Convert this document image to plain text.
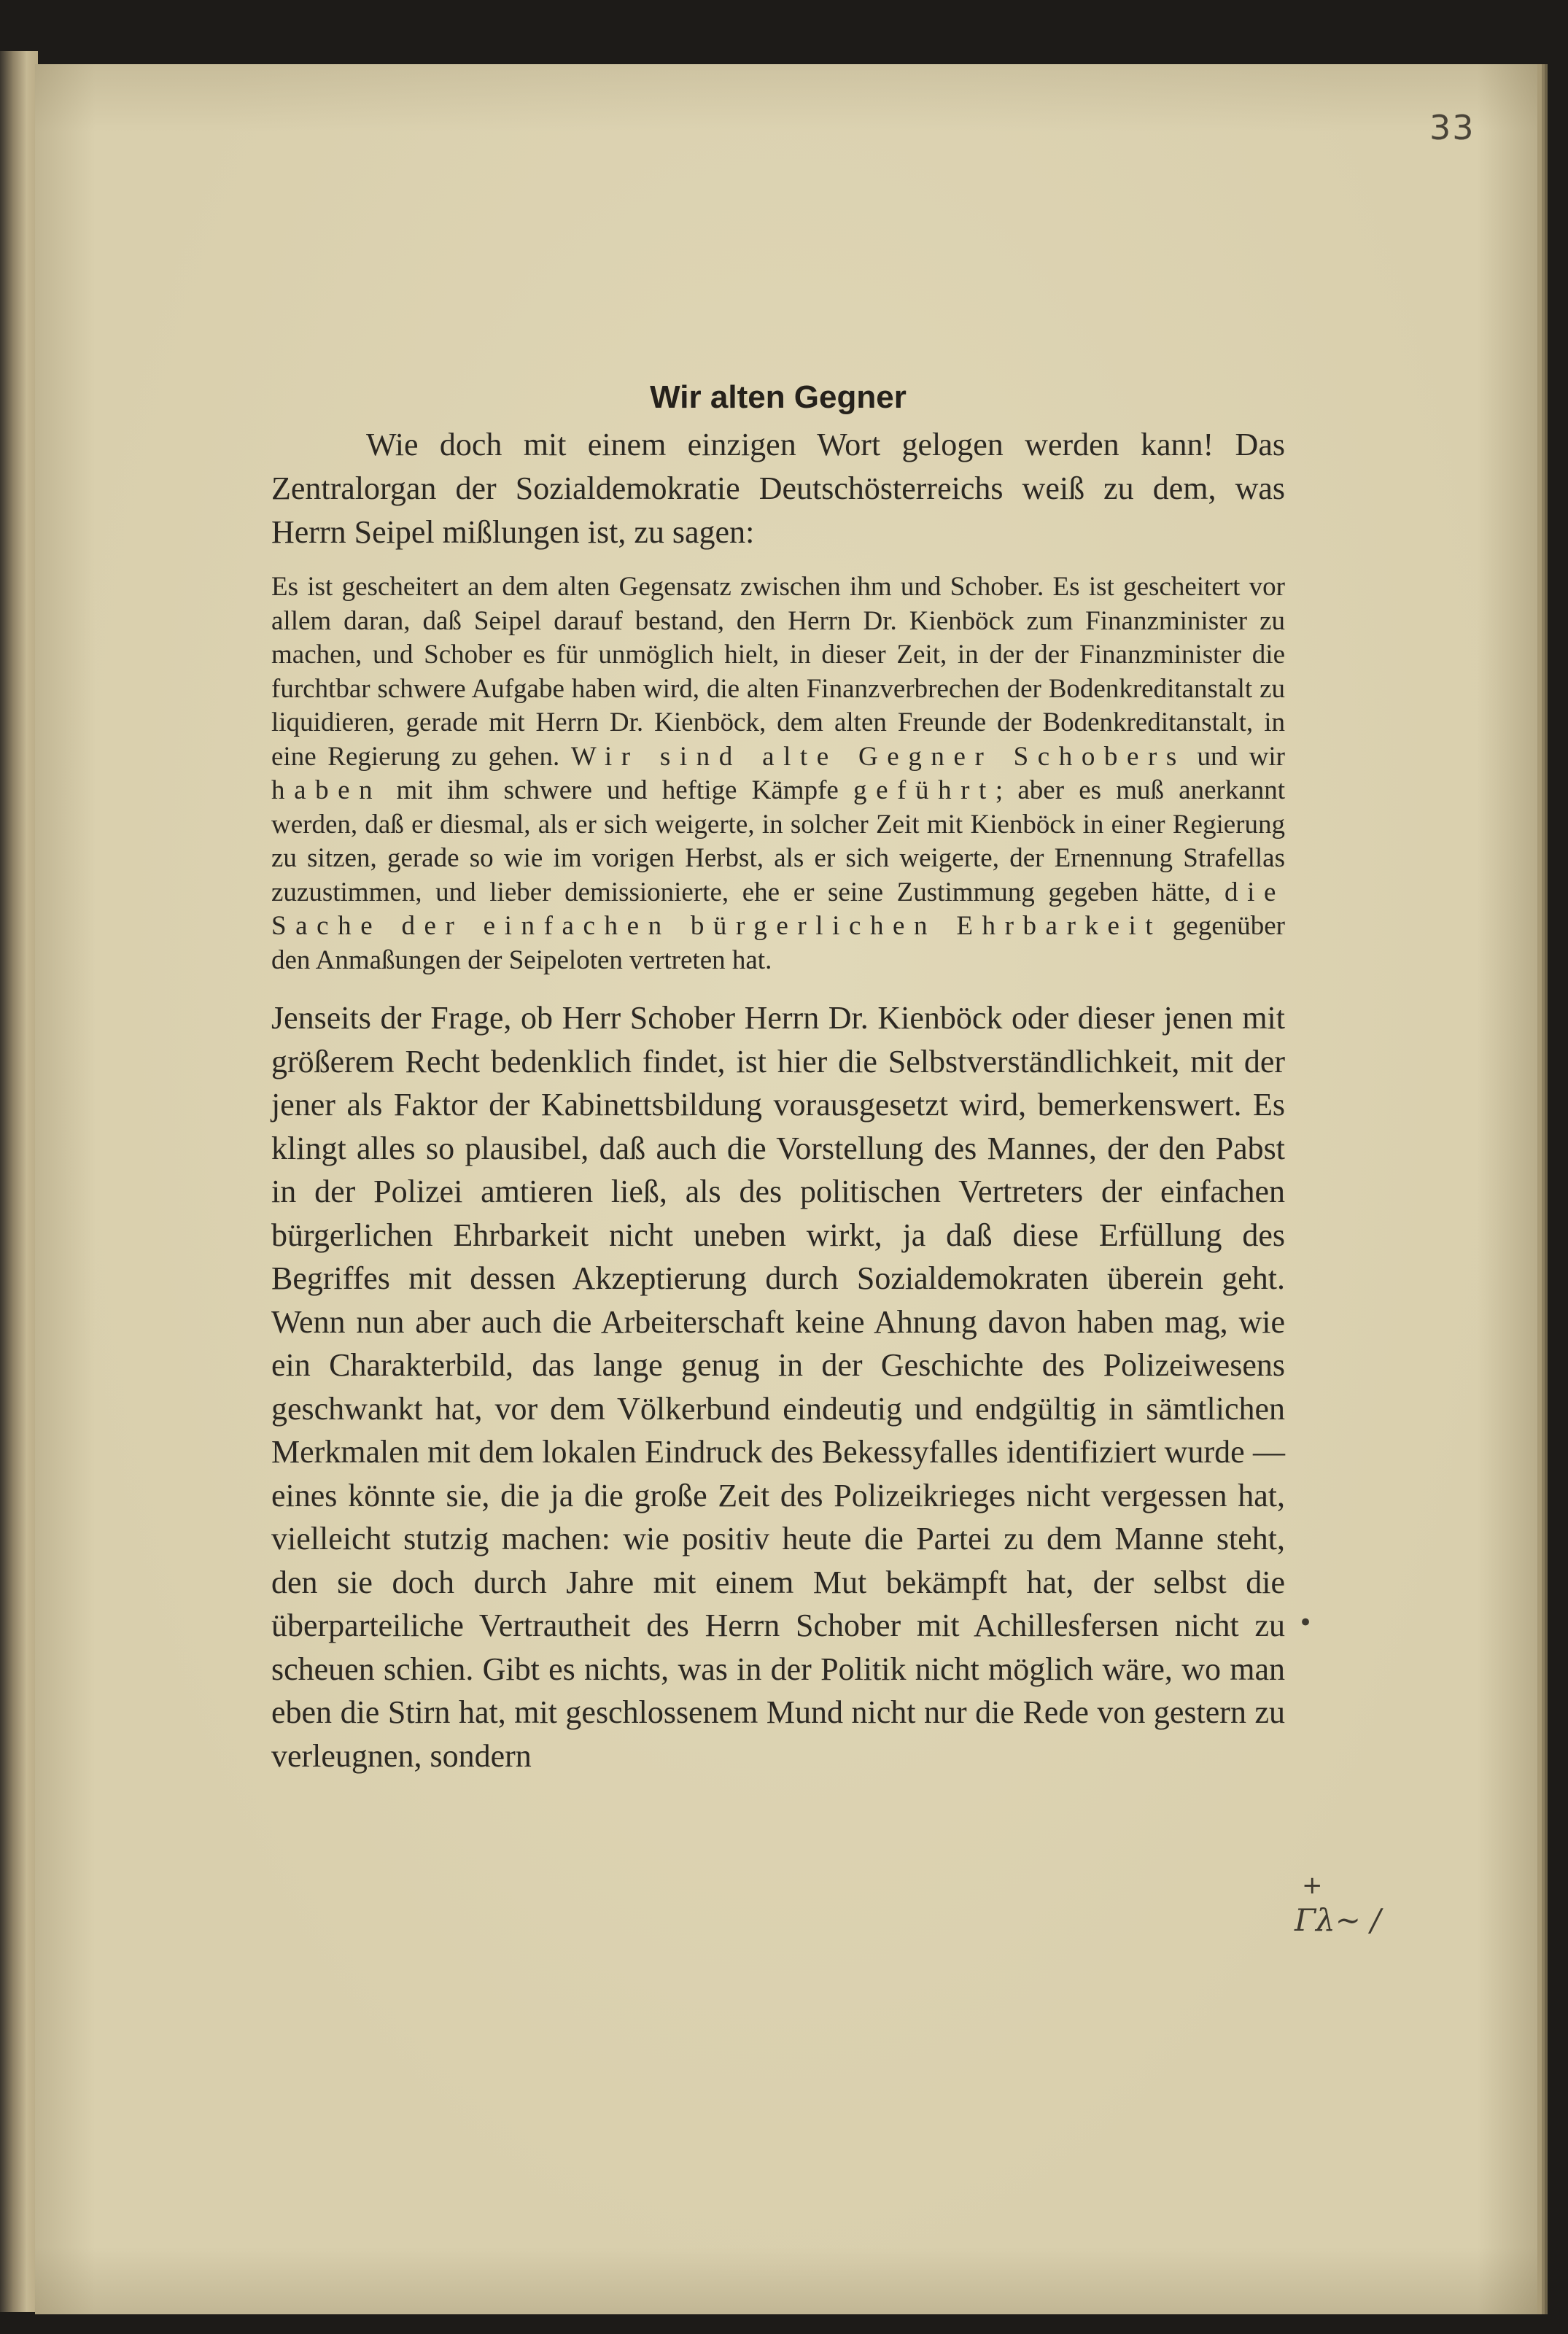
33
Wir alten Gegner

Wie doch mit einem einzigen Wort gelogen werden kann! Das Zentralorgan der Sozialdemokratie Deutschösterreichs weiß zu dem, was Herrn Seipel mißlungen ist, zu sagen:

Es ist gescheitert an dem alten Gegensatz zwischen ihm und Schober. Es ist gescheitert vor allem daran, daß Seipel darauf bestand, den Herrn Dr. Kienböck zum Finanzminister zu machen, und Schober es für unmöglich hielt, in dieser Zeit, in der der Finanzminister die furchtbar schwere Aufgabe haben wird, die alten Finanzverbrechen der Bodenkreditanstalt zu liquidieren, gerade mit Herrn Dr. Kienböck, dem alten Freunde der Bodenkreditanstalt, in eine Regierung zu gehen. Wir sind alte Gegner Schobers und wir haben mit ihm schwere und heftige Kämpfe geführt; aber es muß anerkannt werden, daß er diesmal, als er sich weigerte, in solcher Zeit mit Kienböck in einer Regierung zu sitzen, gerade so wie im vorigen Herbst, als er sich weigerte, der Ernennung Strafellas zuzustimmen, und lieber demissionierte, ehe er seine Zustimmung gegeben hätte, die Sache der einfachen bürgerlichen Ehrbarkeit gegenüber den Anmaßungen der Seipeloten vertreten hat.

Jenseits der Frage, ob Herr Schober Herrn Dr. Kienböck oder dieser jenen mit größerem Recht bedenklich findet, ist hier die Selbstverständlichkeit, mit der jener als Faktor der Kabinettsbildung vorausgesetzt wird, bemerkenswert. Es klingt alles so plausibel, daß auch die Vorstellung des Mannes, der den Pabst in der Polizei amtieren ließ, als des politischen Vertreters der einfachen bürgerlichen Ehrbarkeit nicht uneben wirkt, ja daß diese Erfüllung des Begriffes mit dessen Akzeptierung durch Sozialdemokraten überein geht. Wenn nun aber auch die Arbeiterschaft keine Ahnung davon haben mag, wie ein Charakterbild, das lange genug in der Geschichte des Polizeiwesens geschwankt hat, vor dem Völkerbund eindeutig und endgültig in sämtlichen Merkmalen mit dem lokalen Eindruck des Bekessyfalles identifiziert wurde — eines könnte sie, die ja die große Zeit des Polizeikrieges nicht vergessen hat, vielleicht stutzig machen: wie positiv heute die Partei zu dem Manne steht, den sie doch durch Jahre mit einem Mut bekämpft hat, der selbst die überparteiliche Vertrautheit des Herrn Schober mit Achillesfersen nicht zu scheuen schien. Gibt es nichts, was in der Politik nicht möglich wäre, wo man eben die Stirn hat, mit geschlossenem Mund nicht nur die Rede von gestern zu verleugnen, sondern

•
+
Γλ~ /
